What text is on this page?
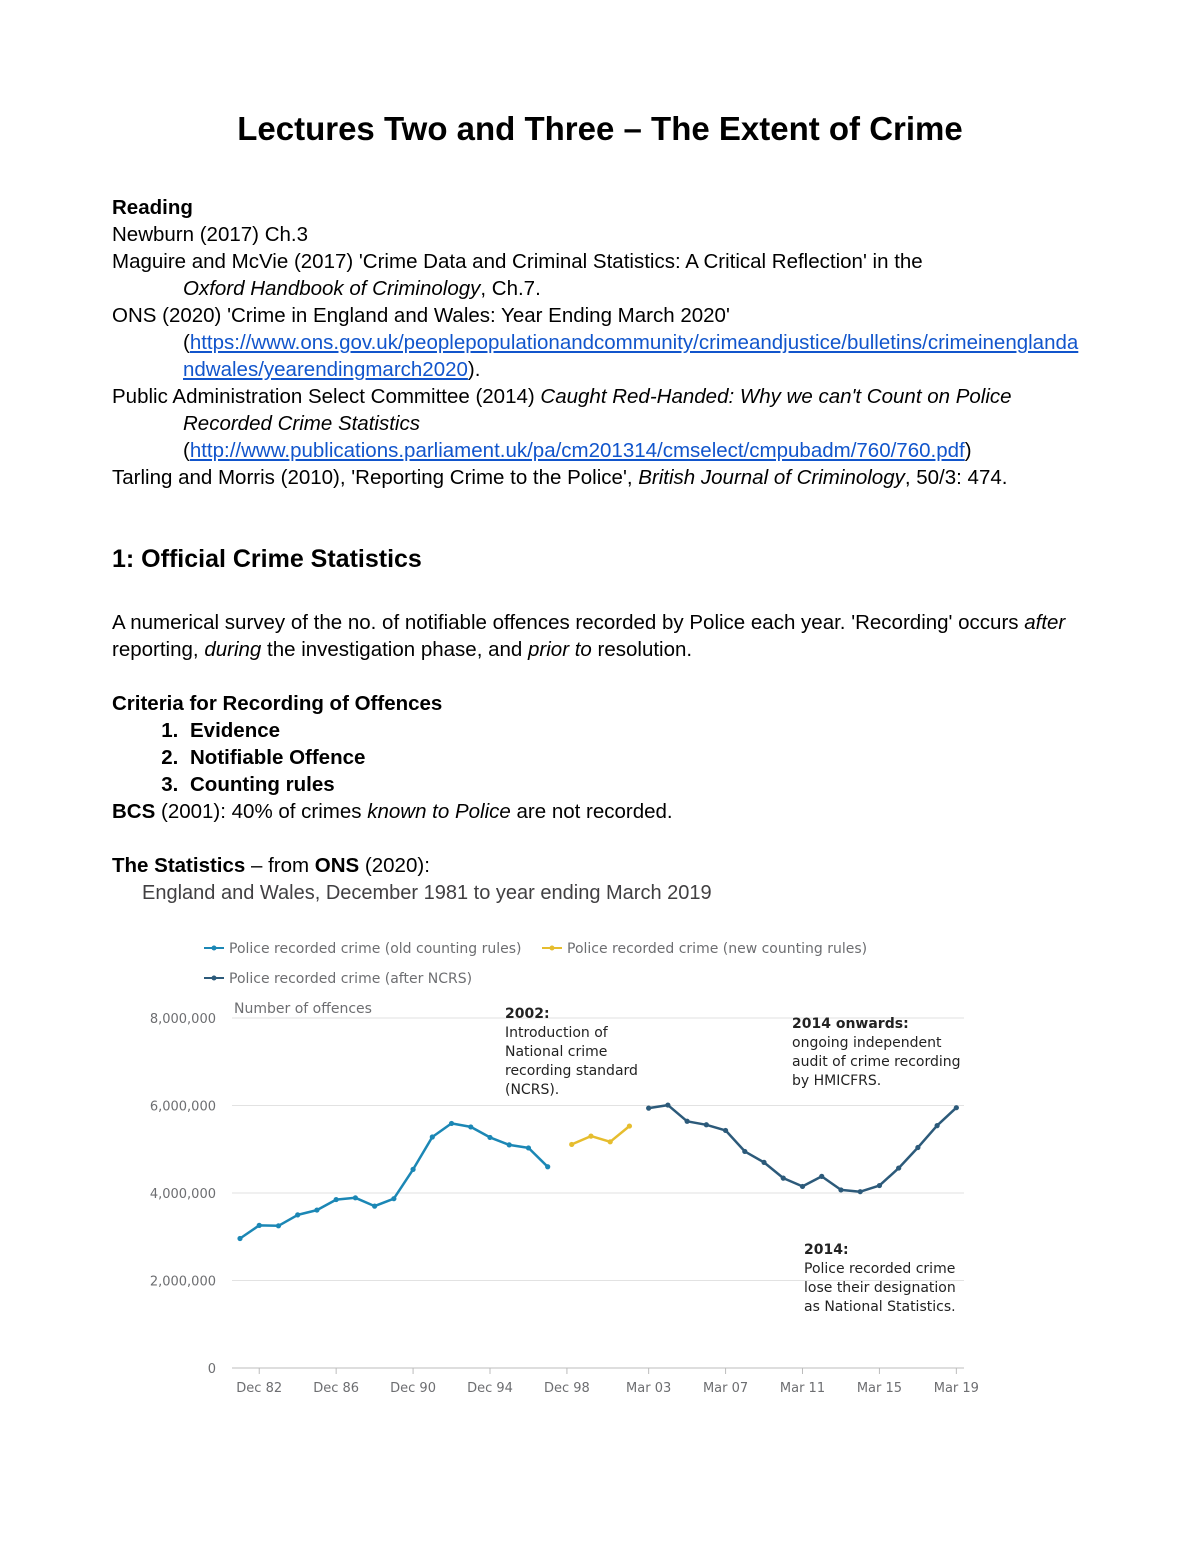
Lectures Two and Three – The Extent of Crime
Reading
Newburn (2017) Ch.3
Maguire and McVie (2017) 'Crime Data and Criminal Statistics: A Critical Reflection' in the
Oxford Handbook of Criminology, Ch.7.
ONS (2020) 'Crime in England and Wales: Year Ending March 2020'
(https://www.ons.gov.uk/peoplepopulationandcommunity/crimeandjustice/bulletins/crimeinenglandandwales/yearendingmarch2020).
Public Administration Select Committee (2014) Caught Red-Handed: Why we can't Count on Police Recorded Crime Statistics
(http://www.publications.parliament.uk/pa/cm201314/cmselect/cmpubadm/760/760.pdf)
Tarling and Morris (2010), 'Reporting Crime to the Police', British Journal of Criminology, 50/3: 474.
1: Official Crime Statistics
A numerical survey of the no. of notifiable offences recorded by Police each year. 'Recording' occurs after reporting, during the investigation phase, and prior to resolution.
Criteria for Recording of Offences
1. Evidence
2. Notifiable Offence
3. Counting rules
BCS (2001): 40% of crimes known to Police are not recorded.
The Statistics – from ONS (2020):
England and Wales, December 1981 to year ending March 2019
0
2,000,000
4,000,000
6,000,000
8,000,000
Number of offences
Dec 82 Dec 86 Dec 90 Dec 94 Dec 98	Mar 03 Mar 07 Mar 11 Mar 15 Mar 19
Police recorded crime (old counting rules)	Police recorded crime (new counting rules)
Police recorded crime (after NCRS)
2002:
Introduction of
National crime
recording standard
(NCRS).
2014 onwards:
ongoing independent
audit of crime recording
by HMICFRS.
2014:
Police recorded crime
lose their designation
as National Statistics.
